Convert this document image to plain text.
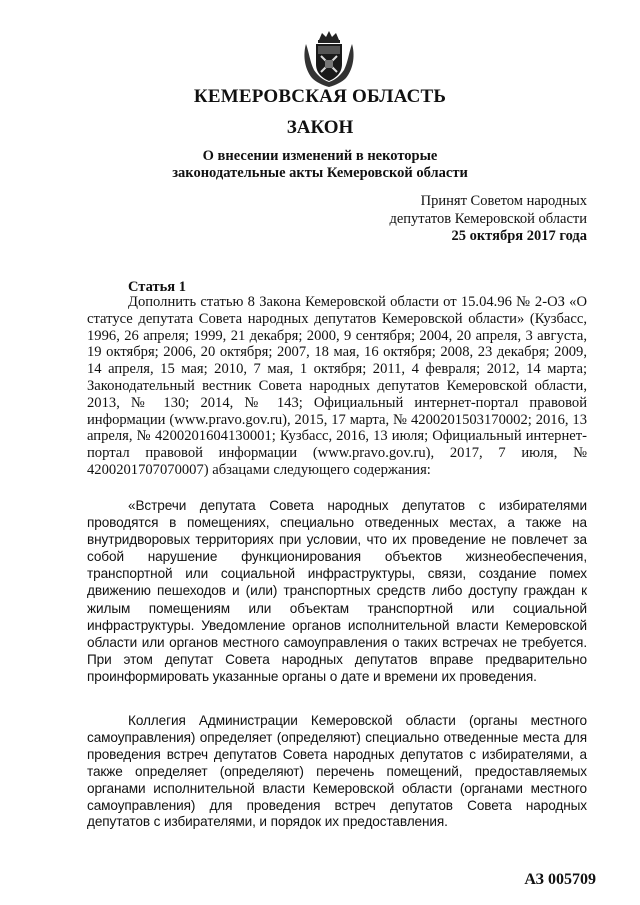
КЕМЕРОВСКАЯ ОБЛАСТЬ
ЗАКОН
О внесении изменений в некоторые
законодательные акты Кемеровской области
Принят Советом народных
депутатов Кемеровской области
25 октября 2017 года
Статья 1

Дополнить статью 8 Закона Кемеровской области от 15.04.96 № 2-ОЗ «О статусе депутата Совета народных депутатов Кемеровской области» (Кузбасс, 1996, 26 апреля; 1999, 21 декабря; 2000, 9 сентября; 2004, 20 апреля, 3 августа, 19 октября; 2006, 20 октября; 2007, 18 мая, 16 октября; 2008, 23 декабря; 2009, 14 апреля, 15 мая; 2010, 7 мая, 1 октября; 2011, 4 февраля; 2012, 14 марта; Законодательный вестник Совета народных депутатов Кемеровской области, 2013, № 130; 2014, № 143; Официальный интернет-портал правовой информации (www.pravo.gov.ru), 2015, 17 марта, № 4200201503170002; 2016, 13 апреля, № 4200201604130001; Кузбасс, 2016, 13 июля; Официальный интернет-портал правовой информации (www.pravo.gov.ru), 2017, 7 июля, № 4200201707070007) абзацами следующего содержания:

«Встречи депутата Совета народных депутатов с избирателями проводятся в помещениях, специально отведенных местах, а также на внутридворовых территориях при условии, что их проведение не повлечет за собой нарушение функционирования объектов жизнеобеспечения, транспортной или социальной инфраструктуры, связи, создание помех движению пешеходов и (или) транспортных средств либо доступу граждан к жилым помещениям или объектам транспортной или социальной инфраструктуры. Уведомление органов исполнительной власти Кемеровской области или органов местного самоуправления о таких встречах не требуется. При этом депутат Совета народных депутатов вправе предварительно проинформировать указанные органы о дате и времени их проведения.

Коллегия Администрации Кемеровской области (органы местного самоуправления) определяет (определяют) специально отведенные места для проведения встреч депутатов Совета народных депутатов с избирателями, а также определяет (определяют) перечень помещений, предоставляемых органами исполнительной власти Кемеровской области (органами местного самоуправления) для проведения встреч депутатов Совета народных депутатов с избирателями, и порядок их предоставления.

АЗ 005709
